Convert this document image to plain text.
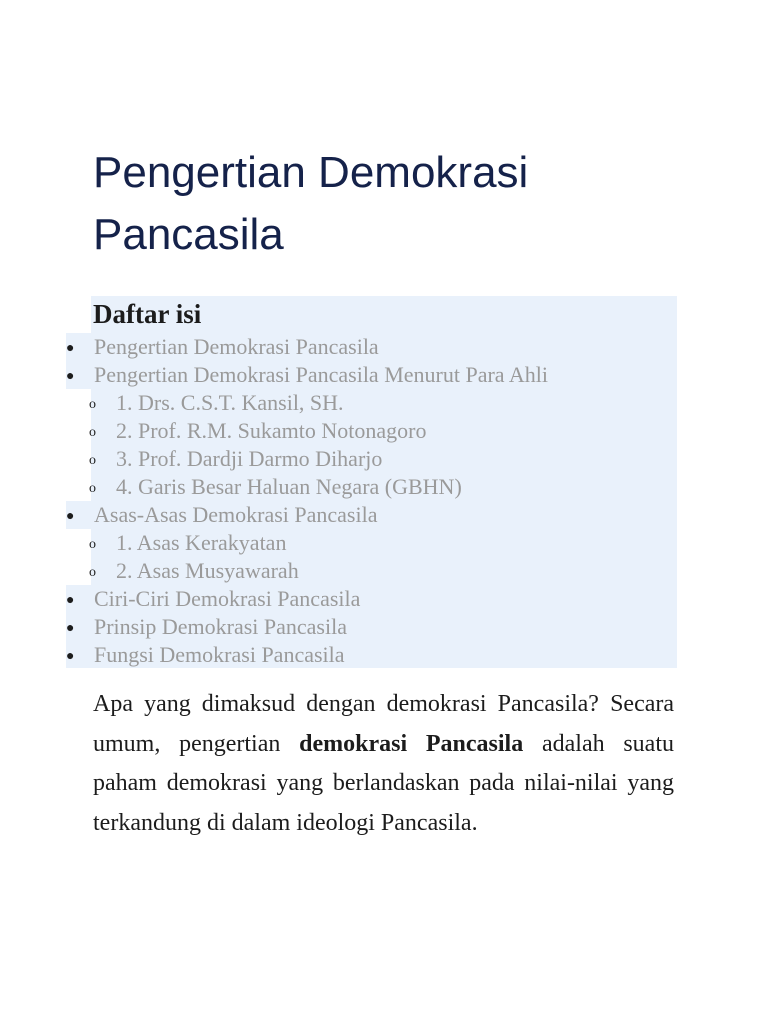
Pengertian Demokrasi Pancasila
Daftar isi
● Pengertian Demokrasi Pancasila
● Pengertian Demokrasi Pancasila Menurut Para Ahli
o 1. Drs. C.S.T. Kansil, SH.
o 2. Prof. R.M. Sukamto Notonagoro
o 3. Prof. Dardji Darmo Diharjo
o 4. Garis Besar Haluan Negara (GBHN)
● Asas-Asas Demokrasi Pancasila
o 1. Asas Kerakyatan
o 2. Asas Musyawarah
● Ciri-Ciri Demokrasi Pancasila
● Prinsip Demokrasi Pancasila
● Fungsi Demokrasi Pancasila

Apa yang dimaksud dengan demokrasi Pancasila? Secara umum, pengertian demokrasi Pancasila adalah suatu paham demokrasi yang berlandaskan pada nilai-nilai yang terkandung di dalam ideologi Pancasila.
